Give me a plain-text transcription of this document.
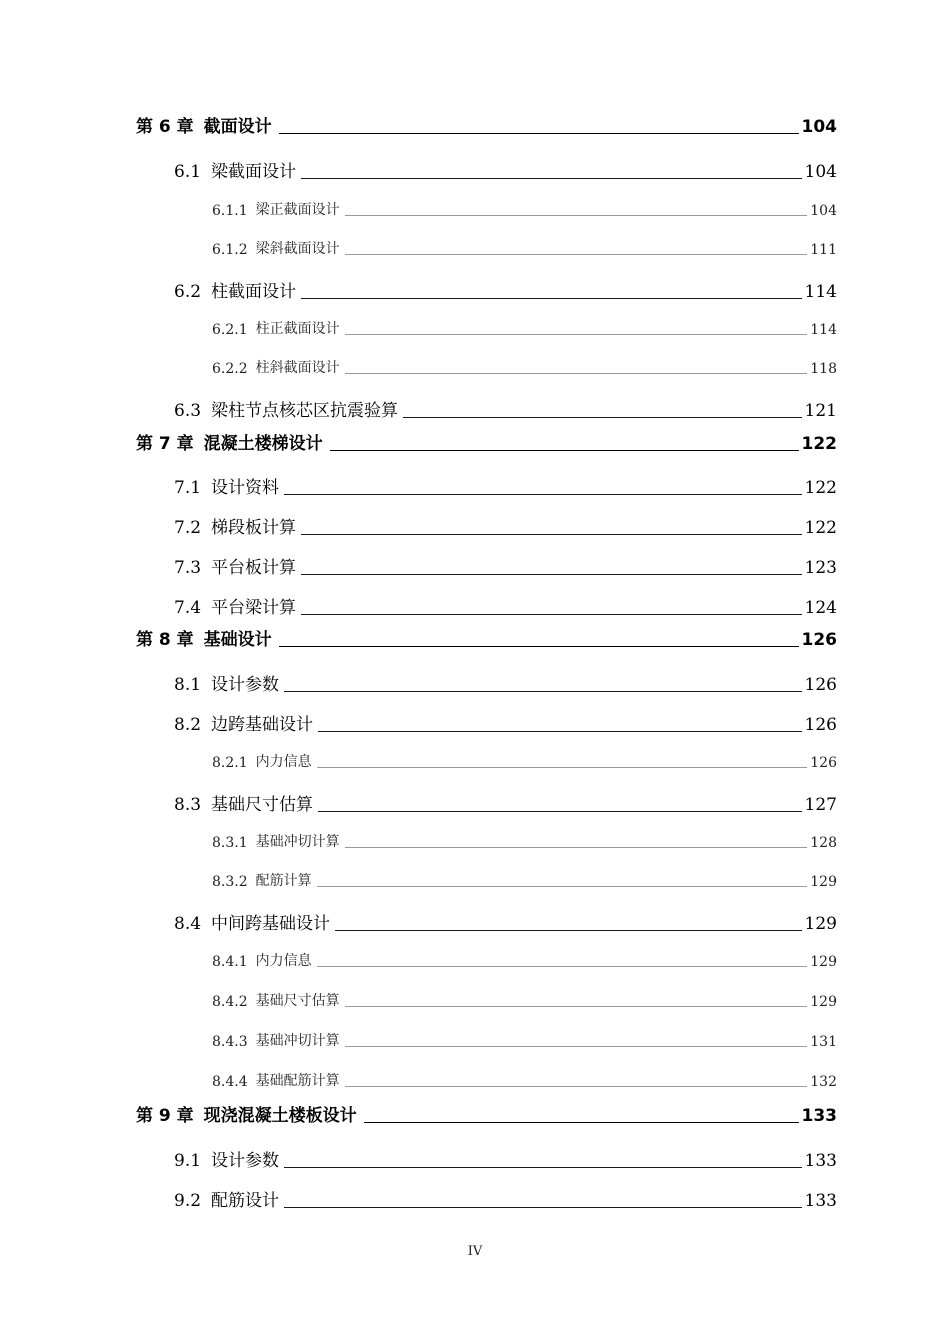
第 6 章 截面设计	104
6.1 梁截面设计	104
6.1.1 梁正截面设计	104
6.1.2 梁斜截面设计	111
6.2 柱截面设计	114
6.2.1 柱正截面设计	114
6.2.2 柱斜截面设计	118
6.3 梁柱节点核芯区抗震验算	121
第 7 章 混凝土楼梯设计	122
7.1 设计资料	122
7.2 梯段板计算	122
7.3 平台板计算	123
7.4 平台梁计算	124
第 8 章 基础设计	126
8.1 设计参数	126
8.2 边跨基础设计	126
8.2.1 内力信息	126
8.3 基础尺寸估算	127
8.3.1 基础冲切计算	128
8.3.2 配筋计算	129
8.4 中间跨基础设计	129
8.4.1 内力信息	129
8.4.2 基础尺寸估算	129
8.4.3 基础冲切计算	131
8.4.4 基础配筋计算	132
第 9 章 现浇混凝土楼板设计	133
9.1 设计参数	133
9.2 配筋设计	133
IV
